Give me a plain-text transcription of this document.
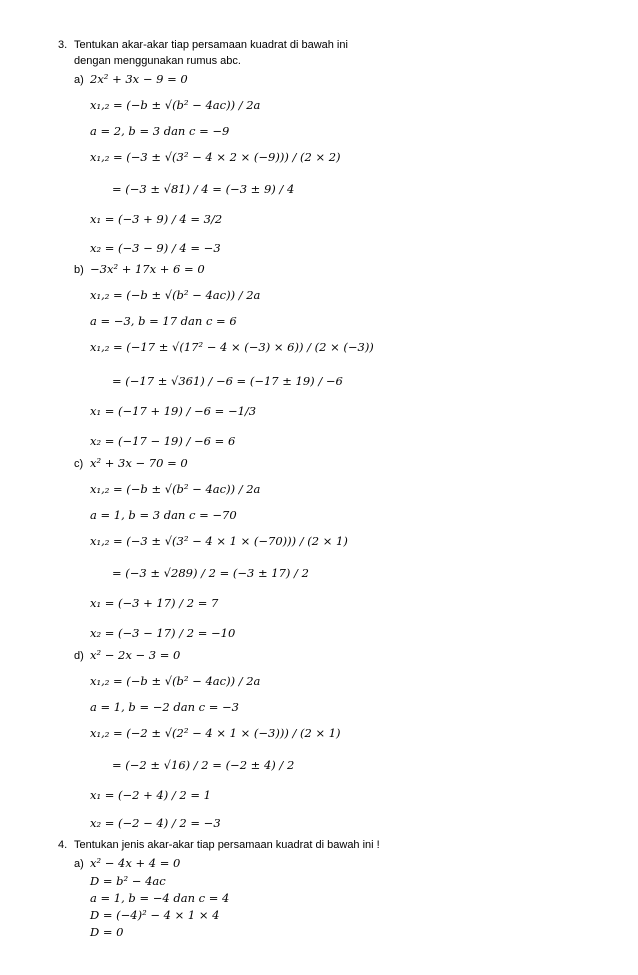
3. Tentukan akar-akar tiap persamaan kuadrat di bawah ini
dengan menggunakan rumus abc.
a) 2x² + 3x − 9 = 0
x₁,₂ = (−b ± √(b² − 4ac)) / 2a
a = 2, b = 3 dan c = −9
x₁,₂ = (−3 ± √(3² − 4 × 2 × (−9))) / (2 × 2)
= (−3 ± √81) / 4 = (−3 ± 9) / 4
x₁ = (−3 + 9) / 4 = 3/2
x₂ = (−3 − 9) / 4 = −3
b) −3x² + 17x + 6 = 0
x₁,₂ = (−b ± √(b² − 4ac)) / 2a
a = −3, b = 17 dan c = 6
x₁,₂ = (−17 ± √(17² − 4 × (−3) × 6)) / (2 × (−3))
= (−17 ± √361) / −6 = (−17 ± 19) / −6
x₁ = (−17 + 19) / −6 = −1/3
x₂ = (−17 − 19) / −6 = 6
c) x² + 3x − 70 = 0
x₁,₂ = (−b ± √(b² − 4ac)) / 2a
a = 1, b = 3 dan c = −70
x₁,₂ = (−3 ± √(3² − 4 × 1 × (−70))) / (2 × 1)
= (−3 ± √289) / 2 = (−3 ± 17) / 2
x₁ = (−3 + 17) / 2 = 7
x₂ = (−3 − 17) / 2 = −10
d) x² − 2x − 3 = 0
x₁,₂ = (−b ± √(b² − 4ac)) / 2a
a = 1, b = −2 dan c = −3
x₁,₂ = (−2 ± √(2² − 4 × 1 × (−3))) / (2 × 1)
= (−2 ± √16) / 2 = (−2 ± 4) / 2
x₁ = (−2 + 4) / 2 = 1
x₂ = (−2 − 4) / 2 = −3
4. Tentukan jenis akar-akar tiap persamaan kuadrat di bawah ini !
a) x² − 4x + 4 = 0
D = b² − 4ac
a = 1, b = −4 dan c = 4
D = (−4)² − 4 × 1 × 4
D = 0
